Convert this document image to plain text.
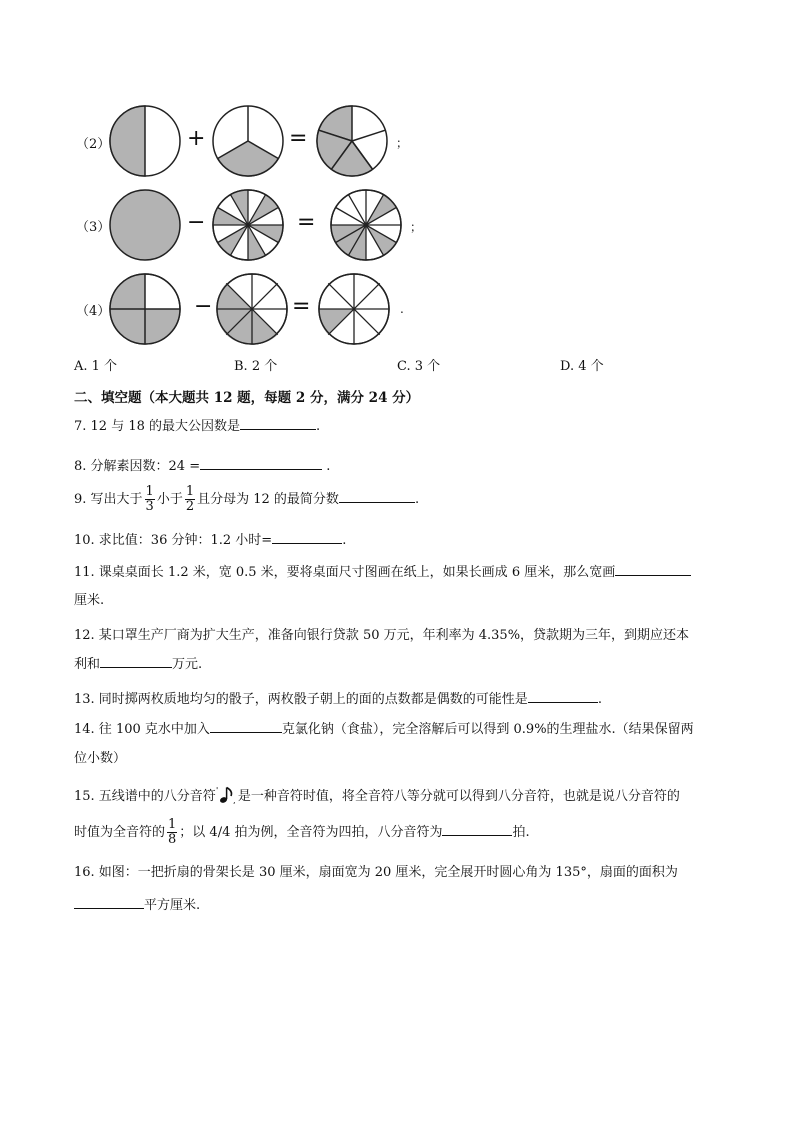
（2）	+	=	；
（3）	−	=	；
（4）	−	=	.
A. 1 个	B. 2 个	C. 3 个	D. 4 个
二、填空题（本大题共 12 题，每题 2 分，满分 24 分）
7. 12 与 18 的最大公因数是	.
8. 分解素因数：24 =	.
9. 写出大于 $\frac{1}{3}$ 小于 $\frac{1}{2}$ 且分母为 12 的最简分数	.
10. 求比值：36 分钟：1.2 小时=	.
11. 课桌桌面长 1.2 米，宽 0.5 米，要将桌面尺寸图画在纸上，如果长画成 6 厘米，那么宽画
厘米.
12. 某口罩生产厂商为扩大生产，准备向银行贷款 50 万元，年利率为 4.35%，贷款期为三年，到期应还本
利和	万元.
13. 同时掷两枚质地均匀的骰子，两枚骰子朝上的面的点数都是偶数的可能性是	.
14. 往 100 克水中加入	克氯化钠（食盐），完全溶解后可以得到 0.9%的生理盐水.（结果保留两
位小数）
15. 五线谱中的八分音符 '
, 是一种音符时值，将全音符八等分就可以得到八分音符，也就是说八分音符的
时值为全音符的 $\frac{1}{8}$ ；以 4/4 拍为例，全音符为四拍，八分音符为	拍.
16. 如图：一把折扇的骨架长是 30 厘米，扇面宽为 20 厘米，完全展开时圆心角为 135°，扇面的面积为
平方厘米.
